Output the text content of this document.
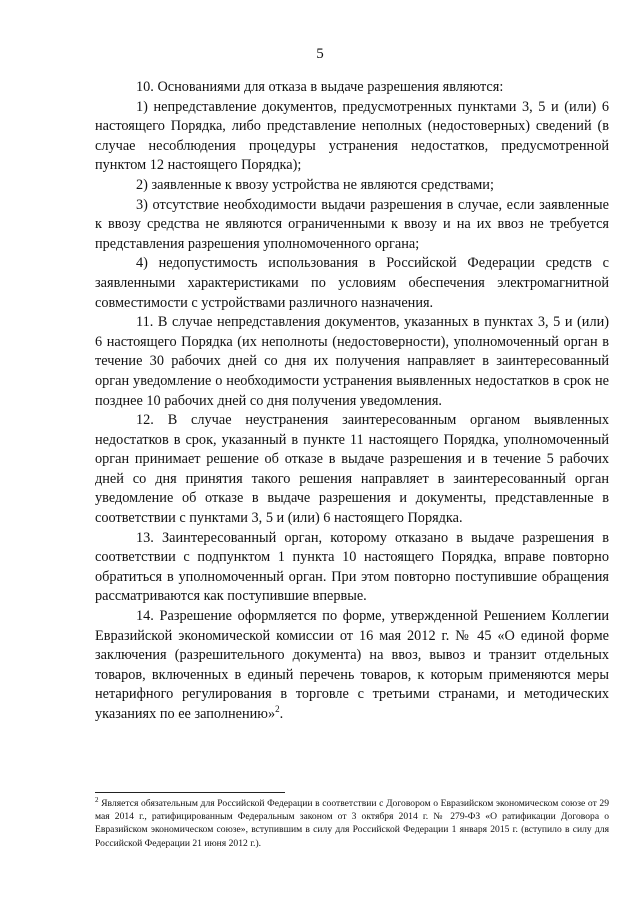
5

10. Основаниями для отказа в выдаче разрешения являются:

1) непредставление документов, предусмотренных пунктами 3, 5 и (или) 6 настоящего Порядка, либо представление неполных (недостоверных) сведений (в случае несоблюдения процедуры устранения недостатков, предусмотренной пунктом 12 настоящего Порядка);

2) заявленные к ввозу устройства не являются средствами;

3) отсутствие необходимости выдачи разрешения в случае, если заявленные к ввозу средства не являются ограниченными к ввозу и на их ввоз не требуется представления разрешения уполномоченного органа;

4) недопустимость использования в Российской Федерации средств с заявленными характеристиками по условиям обеспечения электромагнитной совместимости с устройствами различного назначения.

11. В случае непредставления документов, указанных в пунктах 3, 5 и (или) 6 настоящего Порядка (их неполноты (недостоверности), уполномоченный орган в течение 30 рабочих дней со дня их получения направляет в заинтересованный орган уведомление о необходимости устранения выявленных недостатков в срок не позднее 10 рабочих дней со дня получения уведомления.

12. В случае неустранения заинтересованным органом выявленных недостатков в срок, указанный в пункте 11 настоящего Порядка, уполномоченный орган принимает решение об отказе в выдаче разрешения и в течение 5 рабочих дней со дня принятия такого решения направляет в заинтересованный орган уведомление об отказе в выдаче разрешения и документы, представленные в соответствии с пунктами 3, 5 и (или) 6 настоящего Порядка.

13. Заинтересованный орган, которому отказано в выдаче разрешения в соответствии с подпунктом 1 пункта 10 настоящего Порядка, вправе повторно обратиться в уполномоченный орган. При этом повторно поступившие обращения рассматриваются как поступившие впервые.

14. Разрешение оформляется по форме, утвержденной Решением Коллегии Евразийской экономической комиссии от 16 мая 2012 г. № 45 «О единой форме заключения (разрешительного документа) на ввоз, вывоз и транзит отдельных товаров, включенных в единый перечень товаров, к которым применяются меры нетарифного регулирования в торговле с третьими странами, и методических указаниях по ее заполнению»$^2$.

$^2$ Является обязательным для Российской Федерации в соответствии с Договором о Евразийском экономическом союзе от 29 мая 2014 г., ратифицированным Федеральным законом от 3 октября 2014 г. № 279-ФЗ «О ратификации Договора о Евразийском экономическом союзе», вступившим в силу для Российской Федерации 1 января 2015 г. (вступило в силу для Российской Федерации 21 июня 2012 г.).
